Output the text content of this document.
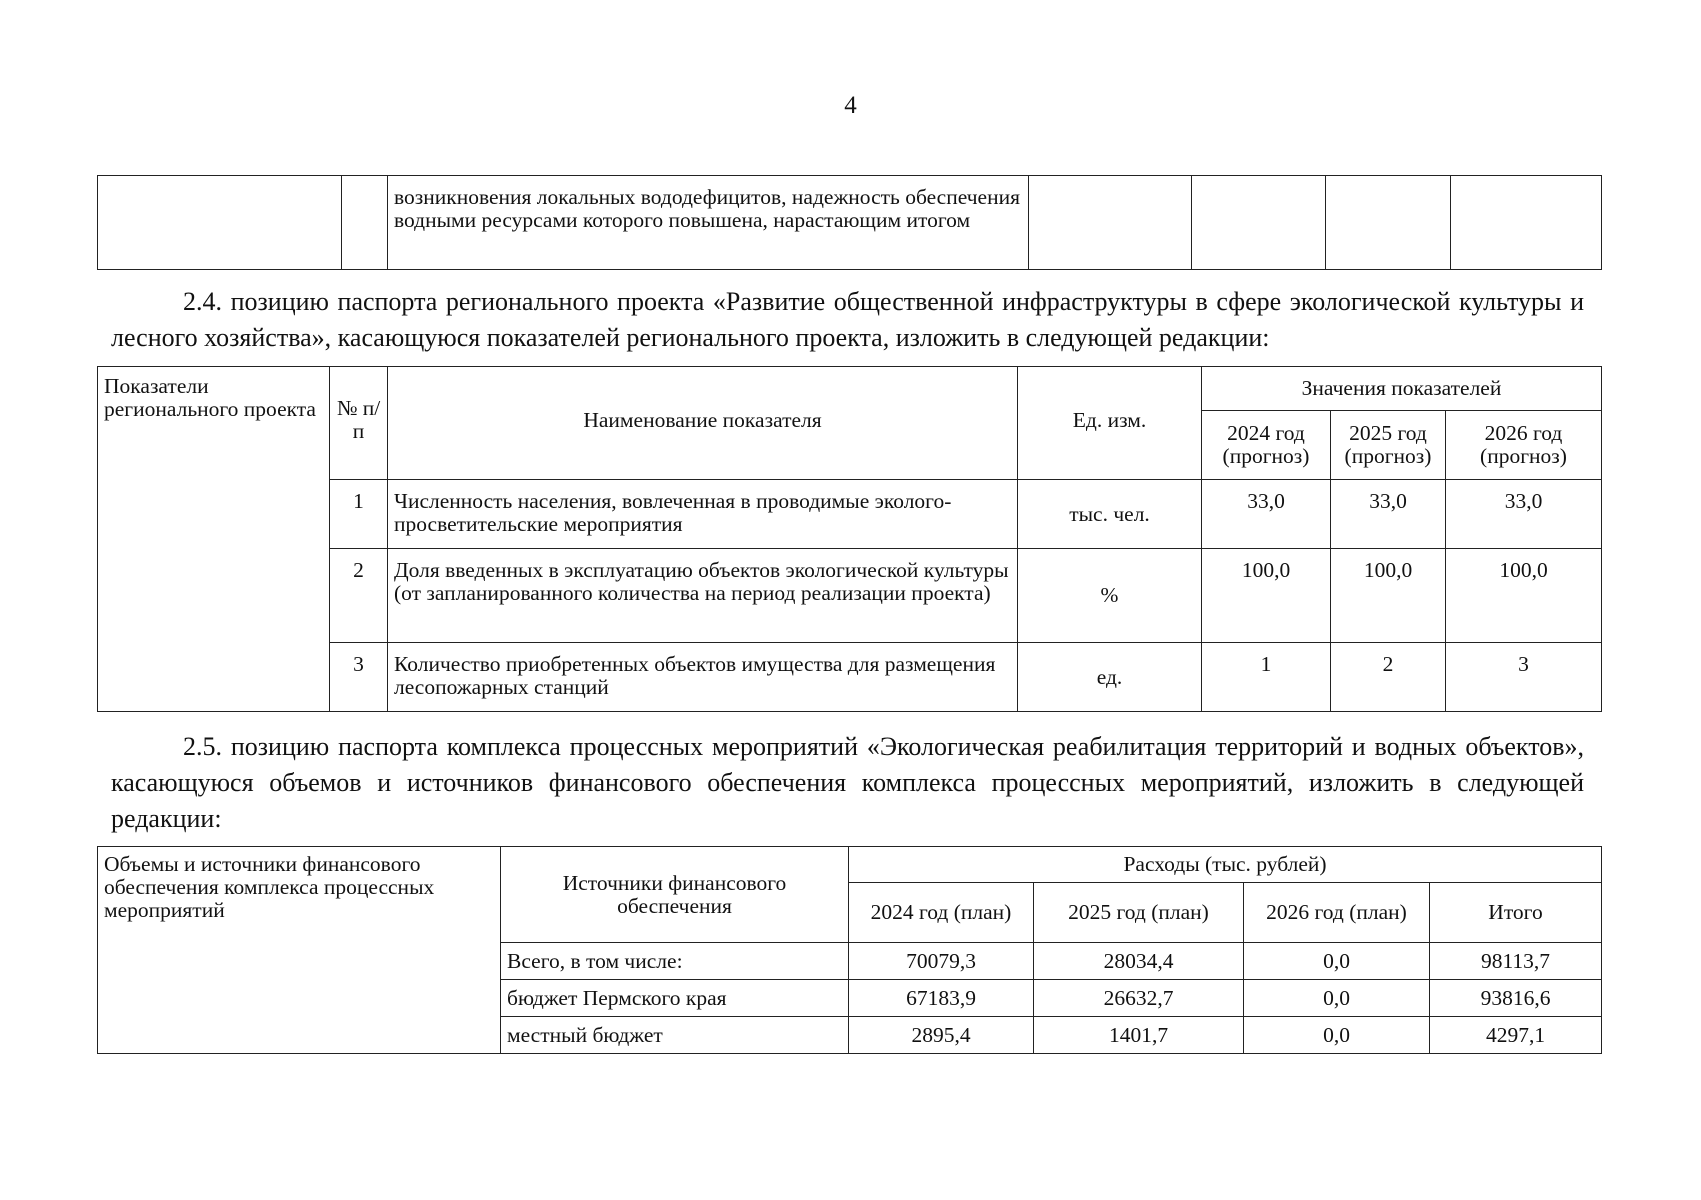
4
		возникновения локальных вододефицитов, надежность обеспечения водными ресурсами которого повышена, нарастающим итогом				
2.4. позицию паспорта регионального проекта «Развитие общественной инфраструктуры в сфере экологической культуры и лесного хозяйства», касающуюся показателей регионального проекта, изложить в следующей редакции:
Показатели регионального проекта	№ п/п	Наименование показателя	Ед. изм.	Значения показателей		
				2024 год (прогноз)	2025 год (прогноз)	2026 год (прогноз)
	1	Численность населения, вовлеченная в проводимые эколого-просветительские мероприятия	тыс. чел.	33,0	33,0	33,0
	2	Доля введенных в эксплуатацию объектов экологической культуры (от запланированного количества на период реализации проекта)	%	100,0	100,0	100,0
	3	Количество приобретенных объектов имущества для размещения лесопожарных станций	ед.	1	2	3
2.5. позицию паспорта комплекса процессных мероприятий «Экологическая реабилитация территорий и водных объектов», касающуюся объемов и источников финансового обеспечения комплекса процессных мероприятий, изложить в следующей редакции:
Объемы и источники финансового обеспечения комплекса процессных мероприятий	Источники финансового обеспечения	Расходы (тыс. рублей)			
		2024 год (план)	2025 год (план)	2026 год (план)	Итого
	Всего, в том числе:	70079,3	28034,4	0,0	98113,7
	бюджет Пермского края	67183,9	26632,7	0,0	93816,6
	местный бюджет	2895,4	1401,7	0,0	4297,1
